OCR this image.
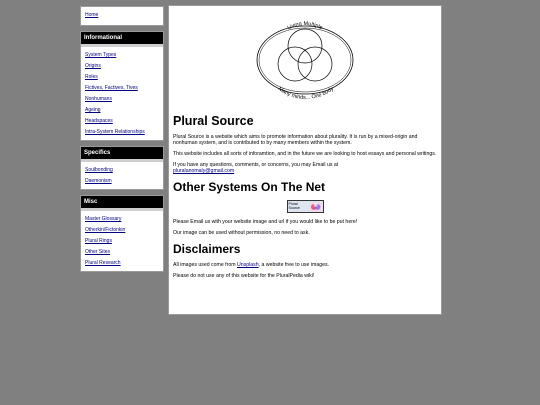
Home
Informational
System Types
Origins
Roles
Fictives, Factives, Tives
Nonhumans
Ageing
Headspaces
Intra-System Relationships
Specifics
Soulbonding
Daemonism
Misc
Master Glossary
Otherkin/Fictonkin
Plural Rings
Other Sites
Plural Research
Living Multiple
Many minds... One body
Plural Source

Plural Source is a website which aims to promote information about plurality. It is run by a mixed-origin and nonhuman system, and is contributed to by many members within the system.

This website includes all sorts of inforamtion, and in the future we are looking to host essays and personal writings.

If you have any questions, comments, or concerns, you may Email us at
pluralanomaly@gmail.com

Other Systems On The Net
Plural
Source

Please Email us with your website image and url if you would like to be put here!

Our image can be used without permission, no need to ask.

Disclaimers

All images used come from Unsplash, a website free to use images.

Please do not use any of this website for the PluralPedia wiki!
